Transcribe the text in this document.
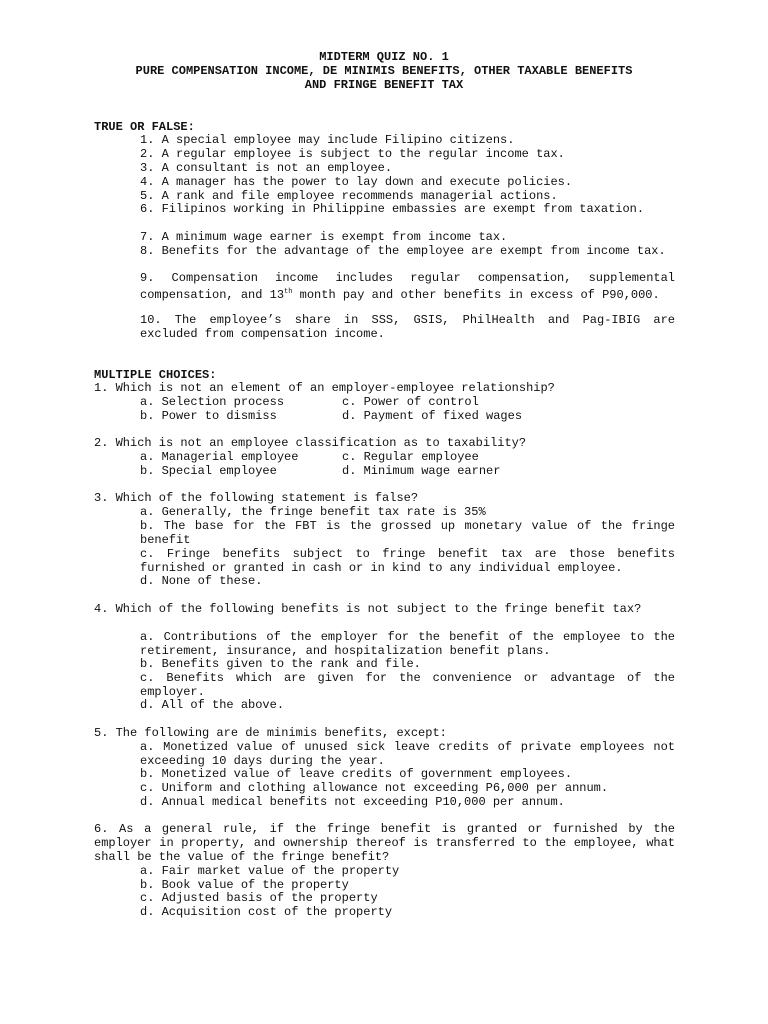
MIDTERM QUIZ NO. 1
PURE COMPENSATION INCOME, DE MINIMIS BENEFITS, OTHER TAXABLE BENEFITS
AND FRINGE BENEFIT TAX
TRUE OR FALSE:
1. A special employee may include Filipino citizens.
2. A regular employee is subject to the regular income tax.
3. A consultant is not an employee.
4. A manager has the power to lay down and execute policies.
5. A rank and file employee recommends managerial actions.
6. Filipinos working in Philippine embassies are exempt from taxation.
7. A minimum wage earner is exempt from income tax.
8. Benefits for the advantage of the employee are exempt from income tax.
9. Compensation income includes regular compensation, supplemental compensation, and 13th month pay and other benefits in excess of P90,000.
10. The employee’s share in SSS, GSIS, PhilHealth and Pag-IBIG are excluded from compensation income.
MULTIPLE CHOICES:
1. Which is not an element of an employer-employee relationship?
a. Selection process	c. Power of control
b. Power to dismiss	d. Payment of fixed wages
2. Which is not an employee classification as to taxability?
a. Managerial employee	c. Regular employee
b. Special employee	d. Minimum wage earner
3. Which of the following statement is false?
a. Generally, the fringe benefit tax rate is 35%
b. The base for the FBT is the grossed up monetary value of the fringe benefit
c. Fringe benefits subject to fringe benefit tax are those benefits furnished or granted in cash or in kind to any individual employee.
d. None of these.
4. Which of the following benefits is not subject to the fringe benefit tax?
a. Contributions of the employer for the benefit of the employee to the retirement, insurance, and hospitalization benefit plans.
b. Benefits given to the rank and file.
c. Benefits which are given for the convenience or advantage of the employer.
d. All of the above.
5. The following are de minimis benefits, except:
a. Monetized value of unused sick leave credits of private employees not exceeding 10 days during the year.
b. Monetized value of leave credits of government employees.
c. Uniform and clothing allowance not exceeding P6,000 per annum.
d. Annual medical benefits not exceeding P10,000 per annum.
6. As a general rule, if the fringe benefit is granted or furnished by the employer in property, and ownership thereof is transferred to the employee, what shall be the value of the fringe benefit?
a. Fair market value of the property
b. Book value of the property
c. Adjusted basis of the property
d. Acquisition cost of the property
